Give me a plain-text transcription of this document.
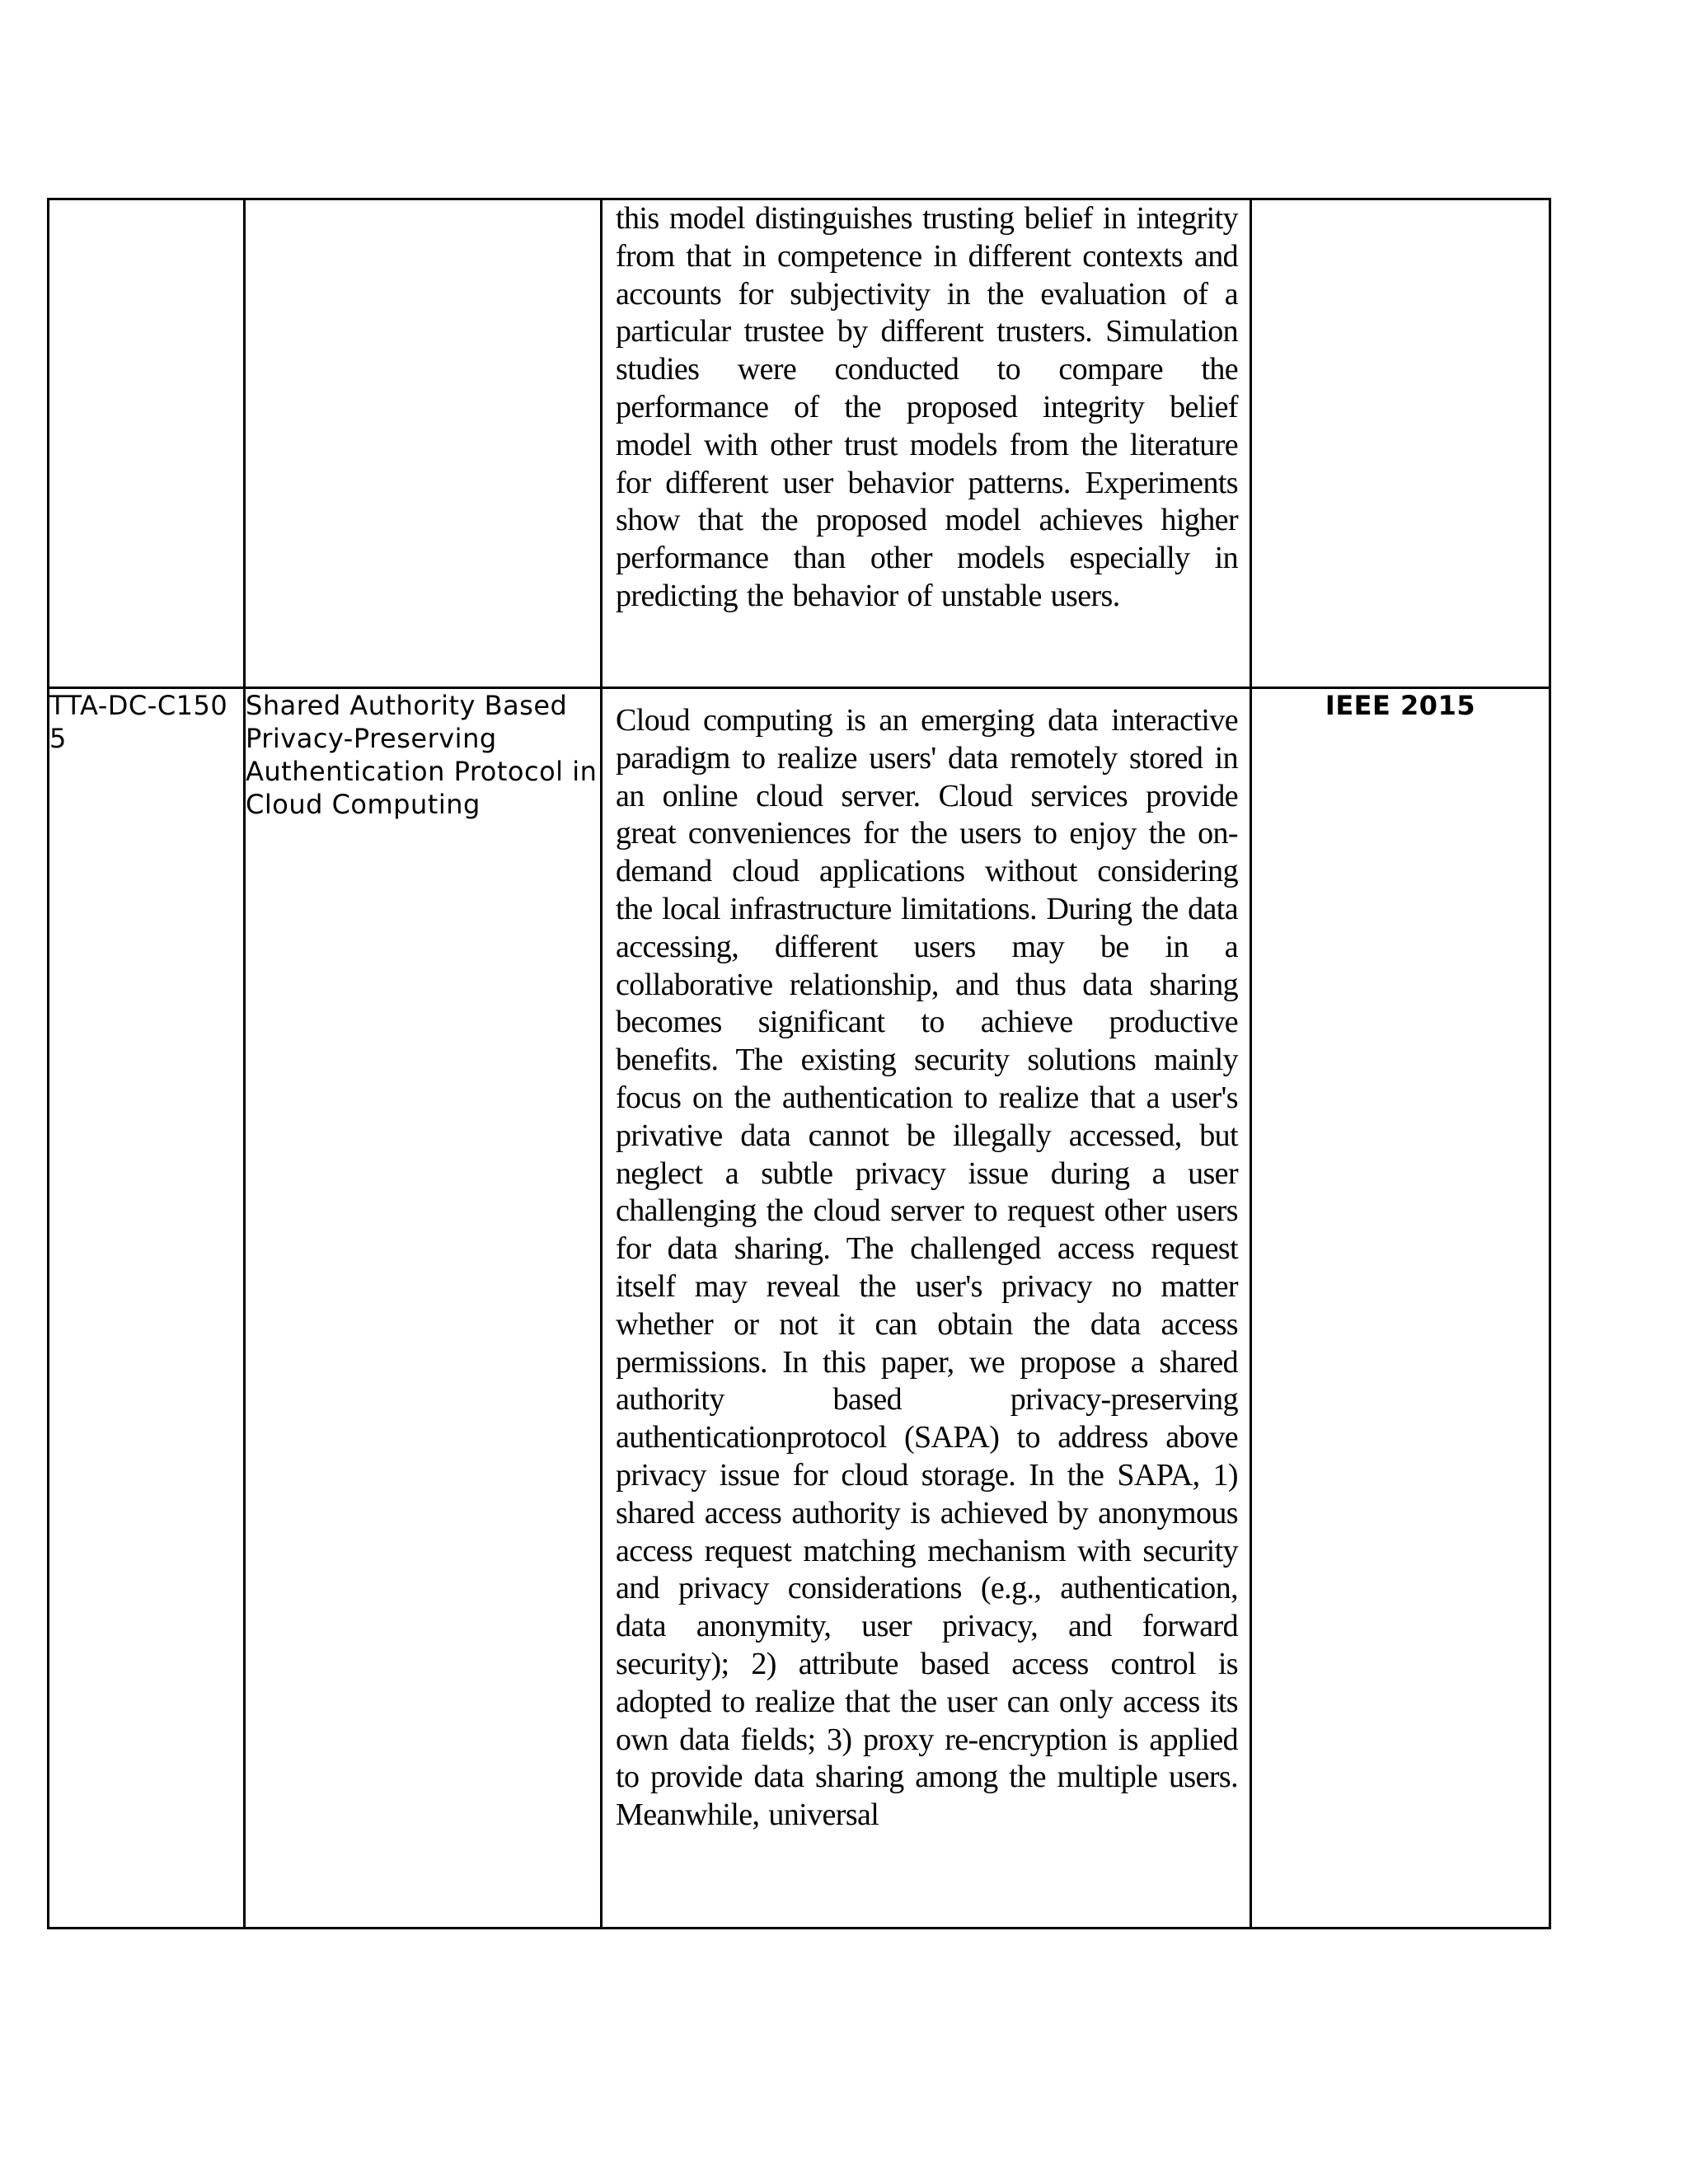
		this model distinguishes trusting belief in integrity from that in competence in different contexts and accounts for subjectivity in the evaluation of a particular trustee by different trusters. Simulation studies were conducted to compare the performance of the proposed integrity belief model with other trust models from the literature for different user behavior patterns. Experiments show that the proposed model achieves higher performance than other models especially in predicting the behavior of unstable users.	

TTA-DC-C1505	Shared Authority Based Privacy-Preserving Authentication Protocol in Cloud Computing	Cloud computing is an emerging data interactive paradigm to realize users' data remotely stored in an online cloud server. Cloud services provide great conveniences for the users to enjoy the on-demand cloud applications without considering the local infrastructure limitations. During the data accessing, different users may be in a collaborative relationship, and thus data sharing becomes significant to achieve productive benefits. The existing security solutions mainly focus on the authentication to realize that a user's privative data cannot be illegally accessed, but neglect a subtle privacy issue during a user challenging the cloud server to request other users for data sharing. The challenged access request itself may reveal the user's privacy no matter whether or not it can obtain the data access permissions. In this paper, we propose a shared authority based privacy-preserving authenticationprotocol (SAPA) to address above privacy issue for cloud storage. In the SAPA, 1) shared access authority is achieved by anonymous access request matching mechanism with security and privacy considerations (e.g., authentication, data anonymity, user privacy, and forward security); 2) attribute based access control is adopted to realize that the user can only access its own data fields; 3) proxy re-encryption is applied to provide data sharing among the multiple users. Meanwhile, universal	IEEE 2015
